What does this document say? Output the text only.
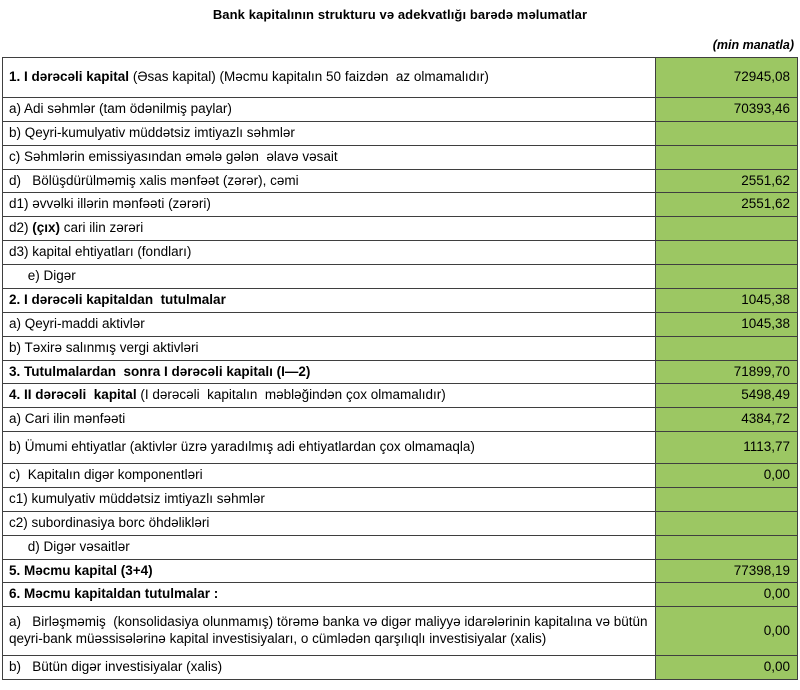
Bank kapitalının strukturu və adekvatlığı barədə məlumatlar
(min manatla)
1. I dərəcəli kapital (Əsas kapital) (Məcmu kapitalın 50 faizdən  az olmamalıdır)	72945,08
a) Adi səhmlər (tam ödənilmiş paylar)	70393,46
b) Qeyri-kumulyativ müddətsiz imtiyazlı səhmlər	
c) Səhmlərin emissiyasından əmələ gələn  əlavə vəsait	
d)   Bölüşdürülməmiş xalis mənfəət (zərər), cəmi	2551,62
d1) əvvəlki illərin mənfəəti (zərəri)	2551,62
d2) (çıx) cari ilin zərəri	
d3) kapital ehtiyatları (fondları)	
e) Digər	
2. I dərəcəli kapitaldan  tutulmalar	1045,38
a) Qeyri-maddi aktivlər	1045,38
b) Təxirə salınmış vergi aktivləri	
3. Tutulmalardan  sonra I dərəcəli kapitalı (I—2)	71899,70
4. II dərəcəli  kapital (I dərəcəli  kapitalın  məbləğindən çox olmamalıdır)	5498,49
a) Cari ilin mənfəəti	4384,72
b) Ümumi ehtiyatlar (aktivlər üzrə yaradılmış adi ehtiyatlardan çox olmamaqla)	1113,77
c)  Kapitalın digər komponentləri	0,00
c1) kumulyativ müddətsiz imtiyazlı səhmlər	
c2) subordinasiya borc öhdəlikləri	
d) Digər vəsaitlər	
5. Məcmu kapital (3+4)	77398,19
6. Məcmu kapitaldan tutulmalar :	0,00
a)   Birləşməmiş  (konsolidasiya olunmamış) törəmə banka və digər maliyyə idarələrinin kapitalına və bütün qeyri-bank müəssisələrinə kapital investisiyaları, o cümlədən qarşılıqlı investisiyalar (xalis)	0,00
b)   Bütün digər investisiyalar (xalis)	0,00
